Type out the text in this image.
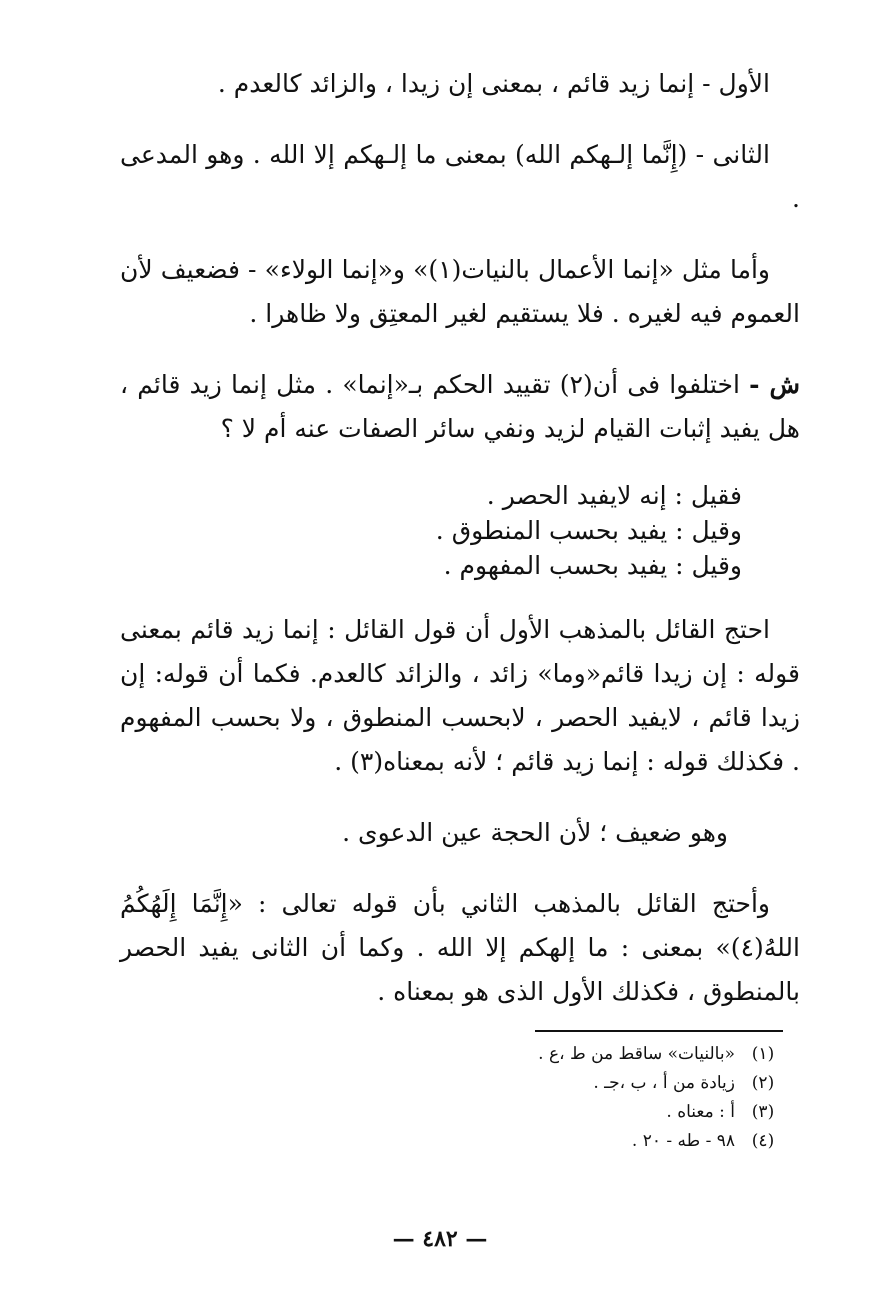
الأول - إنما زيد قائم ، بمعنى إن زيدا ، والزائد كالعدم .

الثانى - (إِنَّما إلـهكم الله) بمعنى ما إلـهكم إلا الله . وهو المدعى .

وأما مثل «إنما الأعمال بالنيات(١)» و«إنما الولاء» - فضعيف لأن العموم فيه لغيره . فلا يستقيم لغير المعتِق ولا ظاهرا .

ش - اختلفوا فى أن(٢) تقييد الحكم بـ«إنما» . مثل إنما زيد قائم ، هل يفيد إثبات القيام لزيد ونفي سائر الصفات عنه أم لا ؟

فقيل : إنه لايفيد الحصر .
وقيل : يفيد بحسب المنطوق .
وقيل : يفيد بحسب المفهوم .

احتج القائل بالمذهب الأول أن قول القائل : إنما زيد قائم بمعنى قوله : إن زيدا قائم«وما» زائد ، والزائد كالعدم. فكما أن قوله: إن زيدا قائم ، لايفيد الحصر ، لابحسب المنطوق ، ولا بحسب المفهوم . فكذلك قوله : إنما زيد قائم ؛ لأنه بمعناه(٣) .

وهو ضعيف ؛ لأن الحجة عين الدعوى .

وأحتج القائل بالمذهب الثاني بأن قوله تعالى : «إِنَّمَا إِلَهُكُمُ اللهُ(٤)» بمعنى : ما إلهكم إلا الله . وكما أن الثانى يفيد الحصر بالمنطوق ، فكذلك الأول الذى هو بمعناه .

(١)
«بالنيات» ساقط من ط ،ع .
(٢)
زيادة من أ ، ب ،جـ .
(٣)
أ : معناه .
(٤)
٩٨ - طه - ٢٠ .
— ٤٨٢ —
